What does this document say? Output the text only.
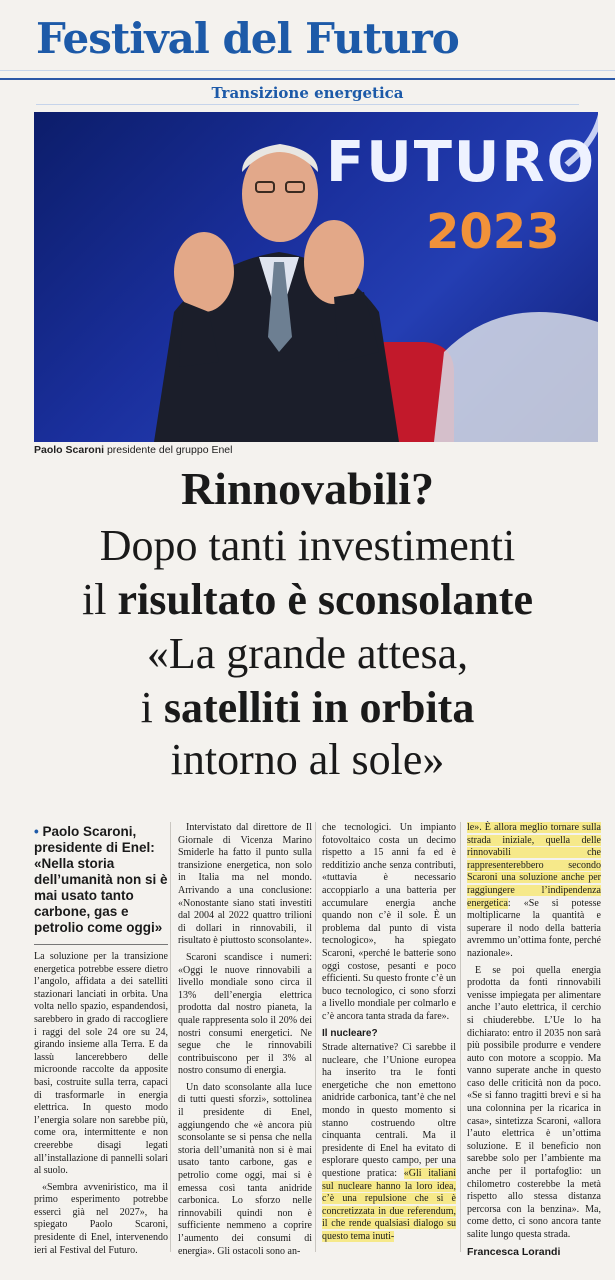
Festival del Futuro
Transizione energetica
FUTURO
2023
Paolo Scaroni presidente del gruppo Enel
Rinnovabili?
Dopo tanti investimenti
il risultato è sconsolante
«La grande attesa,
i satelliti in orbita
intorno al sole»
• Paolo Scaroni, presidente di Enel: «Nella storia dell’umanità non si è mai usato tanto carbone, gas e petrolio come oggi»

La soluzione per la transizione energetica potrebbe essere dietro l’angolo, affidata a dei satelliti stazionari lanciati in orbita. Una volta nello spazio, espandendosi, sarebbero in grado di raccogliere i raggi del sole 24 ore su 24, girando insieme alla Terra. E da lassù lancerebbero delle microonde raccolte da apposite basi, costruite sulla terra, capaci di trasformarle in energia elettrica. In questo modo l’energia solare non sarebbe più, come ora, intermittente e non creerebbe disagi legati all’installazione di pannelli solari al suolo.

«Sembra avveniristico, ma il primo esperimento potrebbe essercì già nel 2027», ha spiegato Paolo Scaroni, presidente di Enel, intervenendo ieri al Festival del Futuro.

Intervistato dal direttore de Il Giornale di Vicenza Marino Smiderle ha fatto il punto sulla transizione energetica, non solo in Italia ma nel mondo. Arrivando a una conclusione: «Nonostante siano stati investiti dal 2004 al 2022 quattro trilioni di dollari in rinnovabili, il risultato è piuttosto sconsolante».

Scaroni scandisce i numeri: «Oggi le nuove rinnovabili a livello mondiale sono circa il 13% dell’energia elettrica prodotta dal nostro pianeta, la quale rappresenta solo il 20% dei nostri consumi energetici. Ne segue che le rinnovabili contribuiscono per il 3% al nostro consumo di energia.

Un dato sconsolante alla luce di tutti questi sforzi», sottolinea il presidente di Enel, aggiungendo che «è ancora più sconsolante se si pensa che nella storia dell’umanità non si è mai usato tanto carbone, gas e petrolio come oggi, mai si è emessa così tanta anidride carbonica. Lo sforzo nelle rinnovabili quindi non è sufficiente nemmeno a coprire l’aumento dei consumi di energia». Gli ostacoli sono an-

che tecnologici. Un impianto fotovoltaico costa un decimo rispetto a 15 anni fa ed è redditizio anche senza contributi, «tuttavia è necessario accoppiarlo a una batteria per accumulare energia anche quando non c’è il sole. È un problema dal punto di vista tecnologico», ha spiegato Scaroni, «perché le batterie sono oggi costose, pesanti e poco efficienti. Su questo fronte c’è un buco tecnologico, ci sono sforzi a livello mondiale per colmarlo e c’è ancora tanta strada da fare».

Il nucleare?

Strade alternative? Ci sarebbe il nucleare, che l’Unione europea ha inserito tra le fonti energetiche che non emettono anidride carbonica, tant’è che nel mondo in questo momento si stanno costruendo oltre cinquanta centrali. Ma il presidente di Enel ha evitato di esplorare questo campo, per una questione pratica: «Gli italiani sul nucleare hanno la loro idea, c’è una repulsione che si è concretizzata in due referendum, il che rende qualsiasi dialogo su questo tema inuti-

le». È allora meglio tornare sulla strada iniziale, quella delle rinnovabili che rappresenterebbero secondo Scaroni una soluzione anche per raggiungere l’indipendenza energetica: «Se si potesse moltiplicarne la quantità e superare il nodo della batteria avremmo un’ottima fonte, perché nazionale».

E se poi quella energia prodotta da fonti rinnovabili venisse impiegata per alimentare anche l’auto elettrica, il cerchio si chiuderebbe. L’Ue lo ha dichiarato: entro il 2035 non sarà più possibile produrre e vendere auto con motore a scoppio. Ma vanno superate anche in questo caso delle criticità non da poco. «Se si fanno tragitti brevi e si ha una colonnina per la ricarica in casa», sintetizza Scaroni, «allora l’auto elettrica è un’ottima soluzione. E il beneficio non sarebbe solo per l’ambiente ma anche per il portafoglio: un chilometro costerebbe la metà rispetto allo stessa distanza percorsa con la benzina». Ma, come detto, ci sono ancora tante salite lungo questa strada.

Francesca Lorandi
